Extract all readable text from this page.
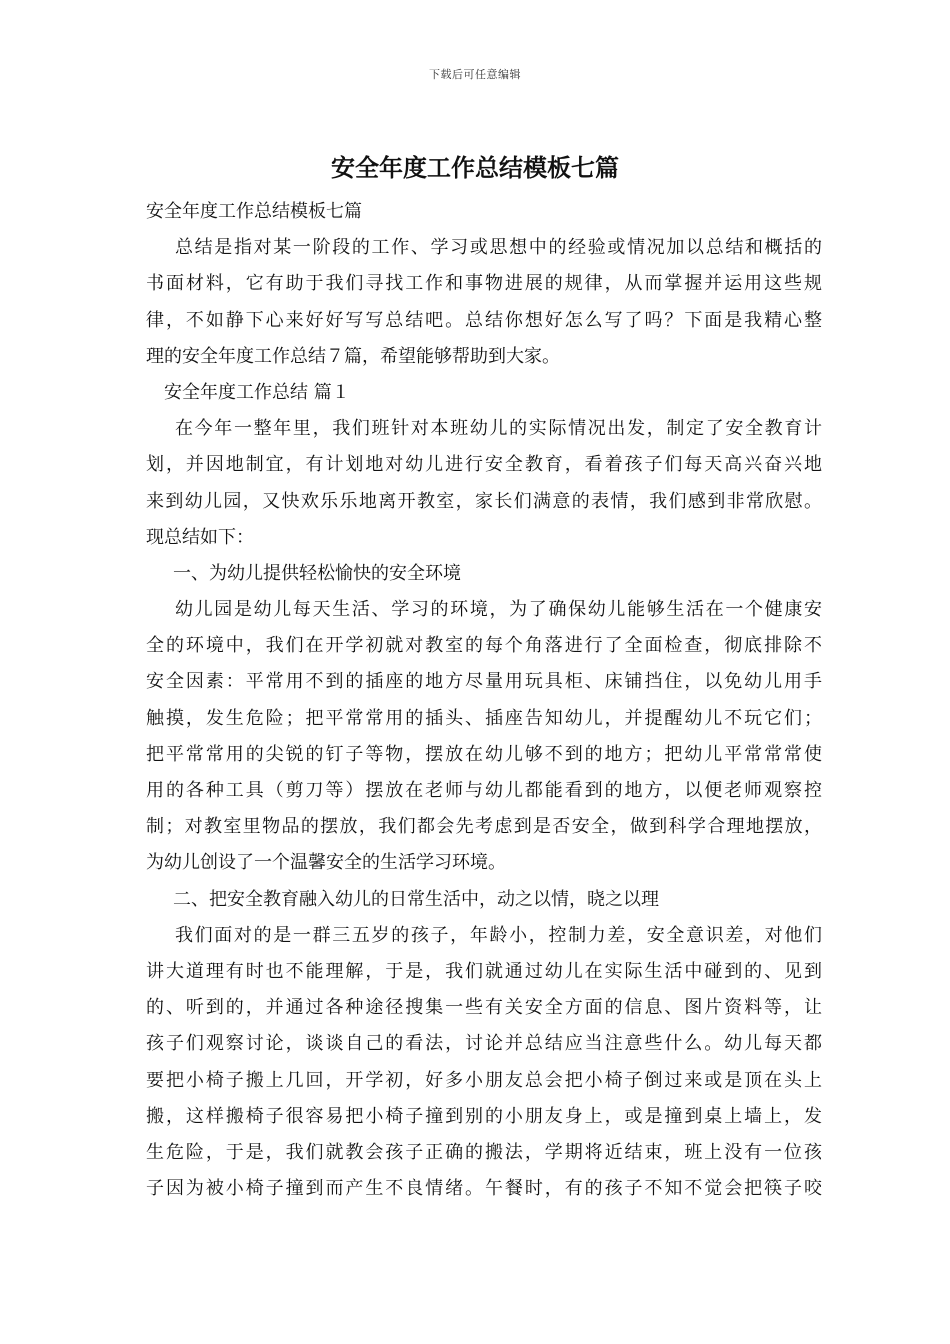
下载后可任意编辑
安全年度工作总结模板七篇
安全年度工作总结模板七篇
总结是指对某一阶段的工作、学习或思想中的经验或情况加以总结和概括的
书面材料，它有助于我们寻找工作和事物进展的规律，从而掌握并运用这些规
律，不如静下心来好好写写总结吧。总结你想好怎么写了吗？下面是我精心整
理的安全年度工作总结７篇，希望能够帮助到大家。
安全年度工作总结 篇１
在今年一整年里，我们班针对本班幼儿的实际情况出发，制定了安全教育计
划，并因地制宜，有计划地对幼儿进行安全教育，看着孩子们每天高兴奋兴地
来到幼儿园，又快欢乐乐地离开教室，家长们满意的表情，我们感到非常欣慰。
现总结如下：
一、为幼儿提供轻松愉快的安全环境
幼儿园是幼儿每天生活、学习的环境，为了确保幼儿能够生活在一个健康安
全的环境中，我们在开学初就对教室的每个角落进行了全面检查，彻底排除不
安全因素：平常用不到的插座的地方尽量用玩具柜、床铺挡住，以免幼儿用手
触摸，发生危险；把平常常用的插头、插座告知幼儿，并提醒幼儿不玩它们；
把平常常用的尖锐的钉子等物，摆放在幼儿够不到的地方；把幼儿平常常常使
用的各种工具（剪刀等）摆放在老师与幼儿都能看到的地方，以便老师观察控
制；对教室里物品的摆放，我们都会先考虑到是否安全，做到科学合理地摆放，
为幼儿创设了一个温馨安全的生活学习环境。
二、把安全教育融入幼儿的日常生活中，动之以情，晓之以理
我们面对的是一群三五岁的孩子，年龄小，控制力差，安全意识差，对他们
讲大道理有时也不能理解，于是，我们就通过幼儿在实际生活中碰到的、见到
的、听到的，并通过各种途径搜集一些有关安全方面的信息、图片资料等，让
孩子们观察讨论，谈谈自己的看法，讨论并总结应当注意些什么。幼儿每天都
要把小椅子搬上几回，开学初，好多小朋友总会把小椅子倒过来或是顶在头上
搬，这样搬椅子很容易把小椅子撞到别的小朋友身上，或是撞到桌上墙上，发
生危险，于是，我们就教会孩子正确的搬法，学期将近结束，班上没有一位孩
子因为被小椅子撞到而产生不良情绪。午餐时，有的孩子不知不觉会把筷子咬
